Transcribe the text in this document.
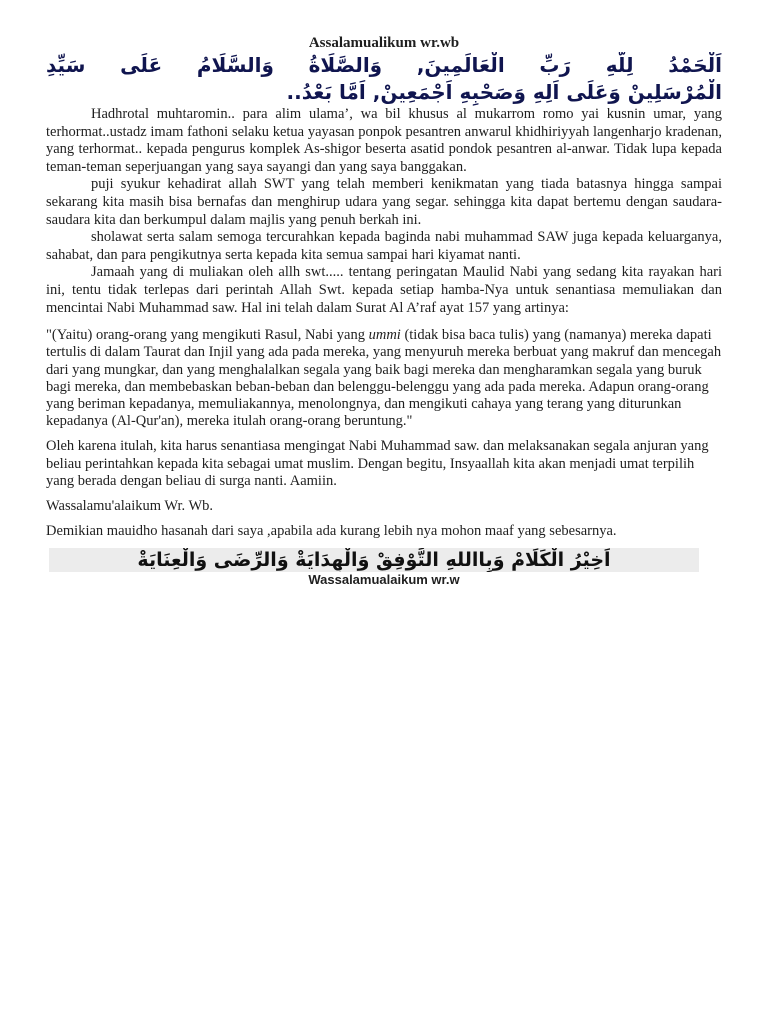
Assalamualikum wr.wb
اَلْحَمْدُ لِلّهِ رَبِّ الْعَالَمِينَ, وَالصَّلَاةُ وَالسَّلَامُ عَلَى سَيِّدِ
الْمُرْسَلِينْ وَعَلَى اَلِهِ وَصَحْبِهِ اَجْمَعِينْ, اَمَّا بَعْدُ..

Hadhrotal muhtaromin.. para alim ulama’, wa bil khusus al mukarrom romo yai kusnin umar, yang terhormat..ustadz imam fathoni selaku ketua yayasan ponpok pesantren anwarul khidhiriyyah langenharjo kradenan, yang terhormat.. kepada pengurus komplek As-shigor beserta asatid pondok pesantren al-anwar. Tidak lupa kepada teman-teman seperjuangan yang saya sayangi dan yang saya banggakan.

puji syukur kehadirat allah SWT yang telah memberi kenikmatan yang tiada batasnya hingga sampai sekarang kita masih bisa bernafas dan menghirup udara yang segar. sehingga kita dapat bertemu dengan saudara-saudara kita dan berkumpul dalam majlis yang penuh berkah ini.

sholawat serta salam semoga tercurahkan kepada baginda nabi muhammad SAW juga kepada keluarganya, sahabat, dan para pengikutnya serta kepada kita semua sampai hari kiyamat nanti.

Jamaah yang di muliakan oleh allh swt..... tentang peringatan Maulid Nabi yang sedang kita rayakan hari ini, tentu tidak terlepas dari perintah Allah Swt. kepada setiap hamba-Nya untuk senantiasa memuliakan dan mencintai Nabi Muhammad saw. Hal ini telah dalam Surat Al A’raf ayat 157 yang artinya:

"(Yaitu) orang-orang yang mengikuti Rasul, Nabi yang ummi (tidak bisa baca tulis) yang (namanya) mereka dapati tertulis di dalam Taurat dan Injil yang ada pada mereka, yang menyuruh mereka berbuat yang makruf dan mencegah dari yang mungkar, dan yang menghalalkan segala yang baik bagi mereka dan mengharamkan segala yang buruk bagi mereka, dan membebaskan beban-beban dan belenggu-belenggu yang ada pada mereka. Adapun orang-orang yang beriman kepadanya, memuliakannya, menolongnya, dan mengikuti cahaya yang terang yang diturunkan kepadanya (Al-Qur'an), mereka itulah orang-orang beruntung."

Oleh karena itulah, kita harus senantiasa mengingat Nabi Muhammad saw. dan melaksanakan segala anjuran yang beliau perintahkan kepada kita sebagai umat muslim. Dengan begitu, Insyaallah kita akan menjadi umat terpilih yang berada dengan beliau di surga nanti. Aamiin.

Wassalamu'alaikum Wr. Wb.

Demikian mauidho hasanah dari saya ,apabila ada kurang lebih nya mohon maaf yang sebesarnya.

اَخِيْرُ الْكَلَامْ وَبِااللهِ التَّوْفِقْ وَالْهِدَايَةْ وَالرِّضَى وَالْعِنَايَةْ
Wassalamualaikum wr.w
